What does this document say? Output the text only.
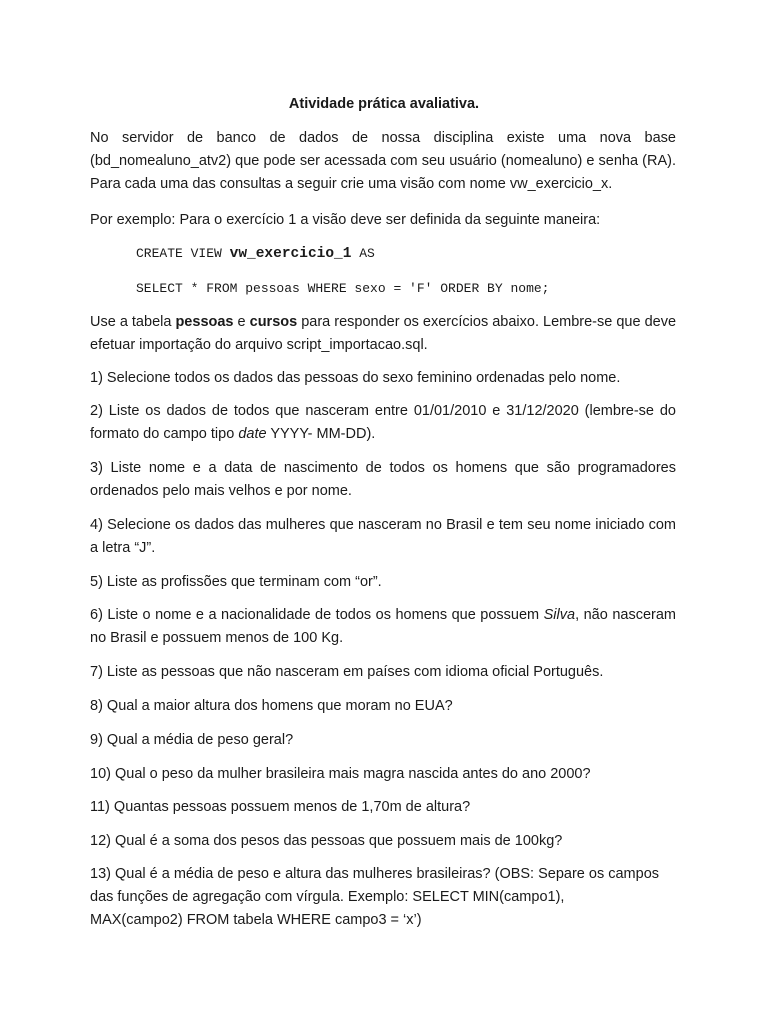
Atividade prática avaliativa.

No servidor de banco de dados de nossa disciplina existe uma nova base (bd_nomealuno_atv2) que pode ser acessada com seu usuário (nomealuno) e senha (RA). Para cada uma das consultas a seguir crie uma visão com nome vw_exercicio_x.

Por exemplo: Para o exercício 1 a visão deve ser definida da seguinte maneira:

CREATE VIEW vw_exercicio_1 AS
SELECT * FROM pessoas WHERE sexo = 'F' ORDER BY nome;

Use a tabela pessoas e cursos para responder os exercícios abaixo. Lembre-se que deve efetuar importação do arquivo script_importacao.sql.

1) Selecione todos os dados das pessoas do sexo feminino ordenadas pelo nome.

2) Liste os dados de todos que nasceram entre 01/01/2010 e 31/12/2020 (lembre-se do formato do campo tipo date YYYY- MM-DD).

3) Liste nome e a data de nascimento de todos os homens que são programadores ordenados pelo mais velhos e por nome.

4) Selecione os dados das mulheres que nasceram no Brasil e tem seu nome iniciado com a letra “J”.

5) Liste as profissões que terminam com “or”.

6) Liste o nome e a nacionalidade de todos os homens que possuem Silva, não nasceram no Brasil e possuem menos de 100 Kg.

7) Liste as pessoas que não nasceram em países com idioma oficial Português.

8) Qual a maior altura dos homens que moram no EUA?

9) Qual a média de peso geral?

10) Qual o peso da mulher brasileira mais magra nascida antes do ano 2000?

11) Quantas pessoas possuem menos de 1,70m de altura?

12) Qual é a soma dos pesos das pessoas que possuem mais de 100kg?

13) Qual é a média de peso e altura das mulheres brasileiras? (OBS: Separe os campos das funções de agregação com vírgula. Exemplo: SELECT MIN(campo1), MAX(campo2) FROM tabela WHERE campo3 = ‘x’)
